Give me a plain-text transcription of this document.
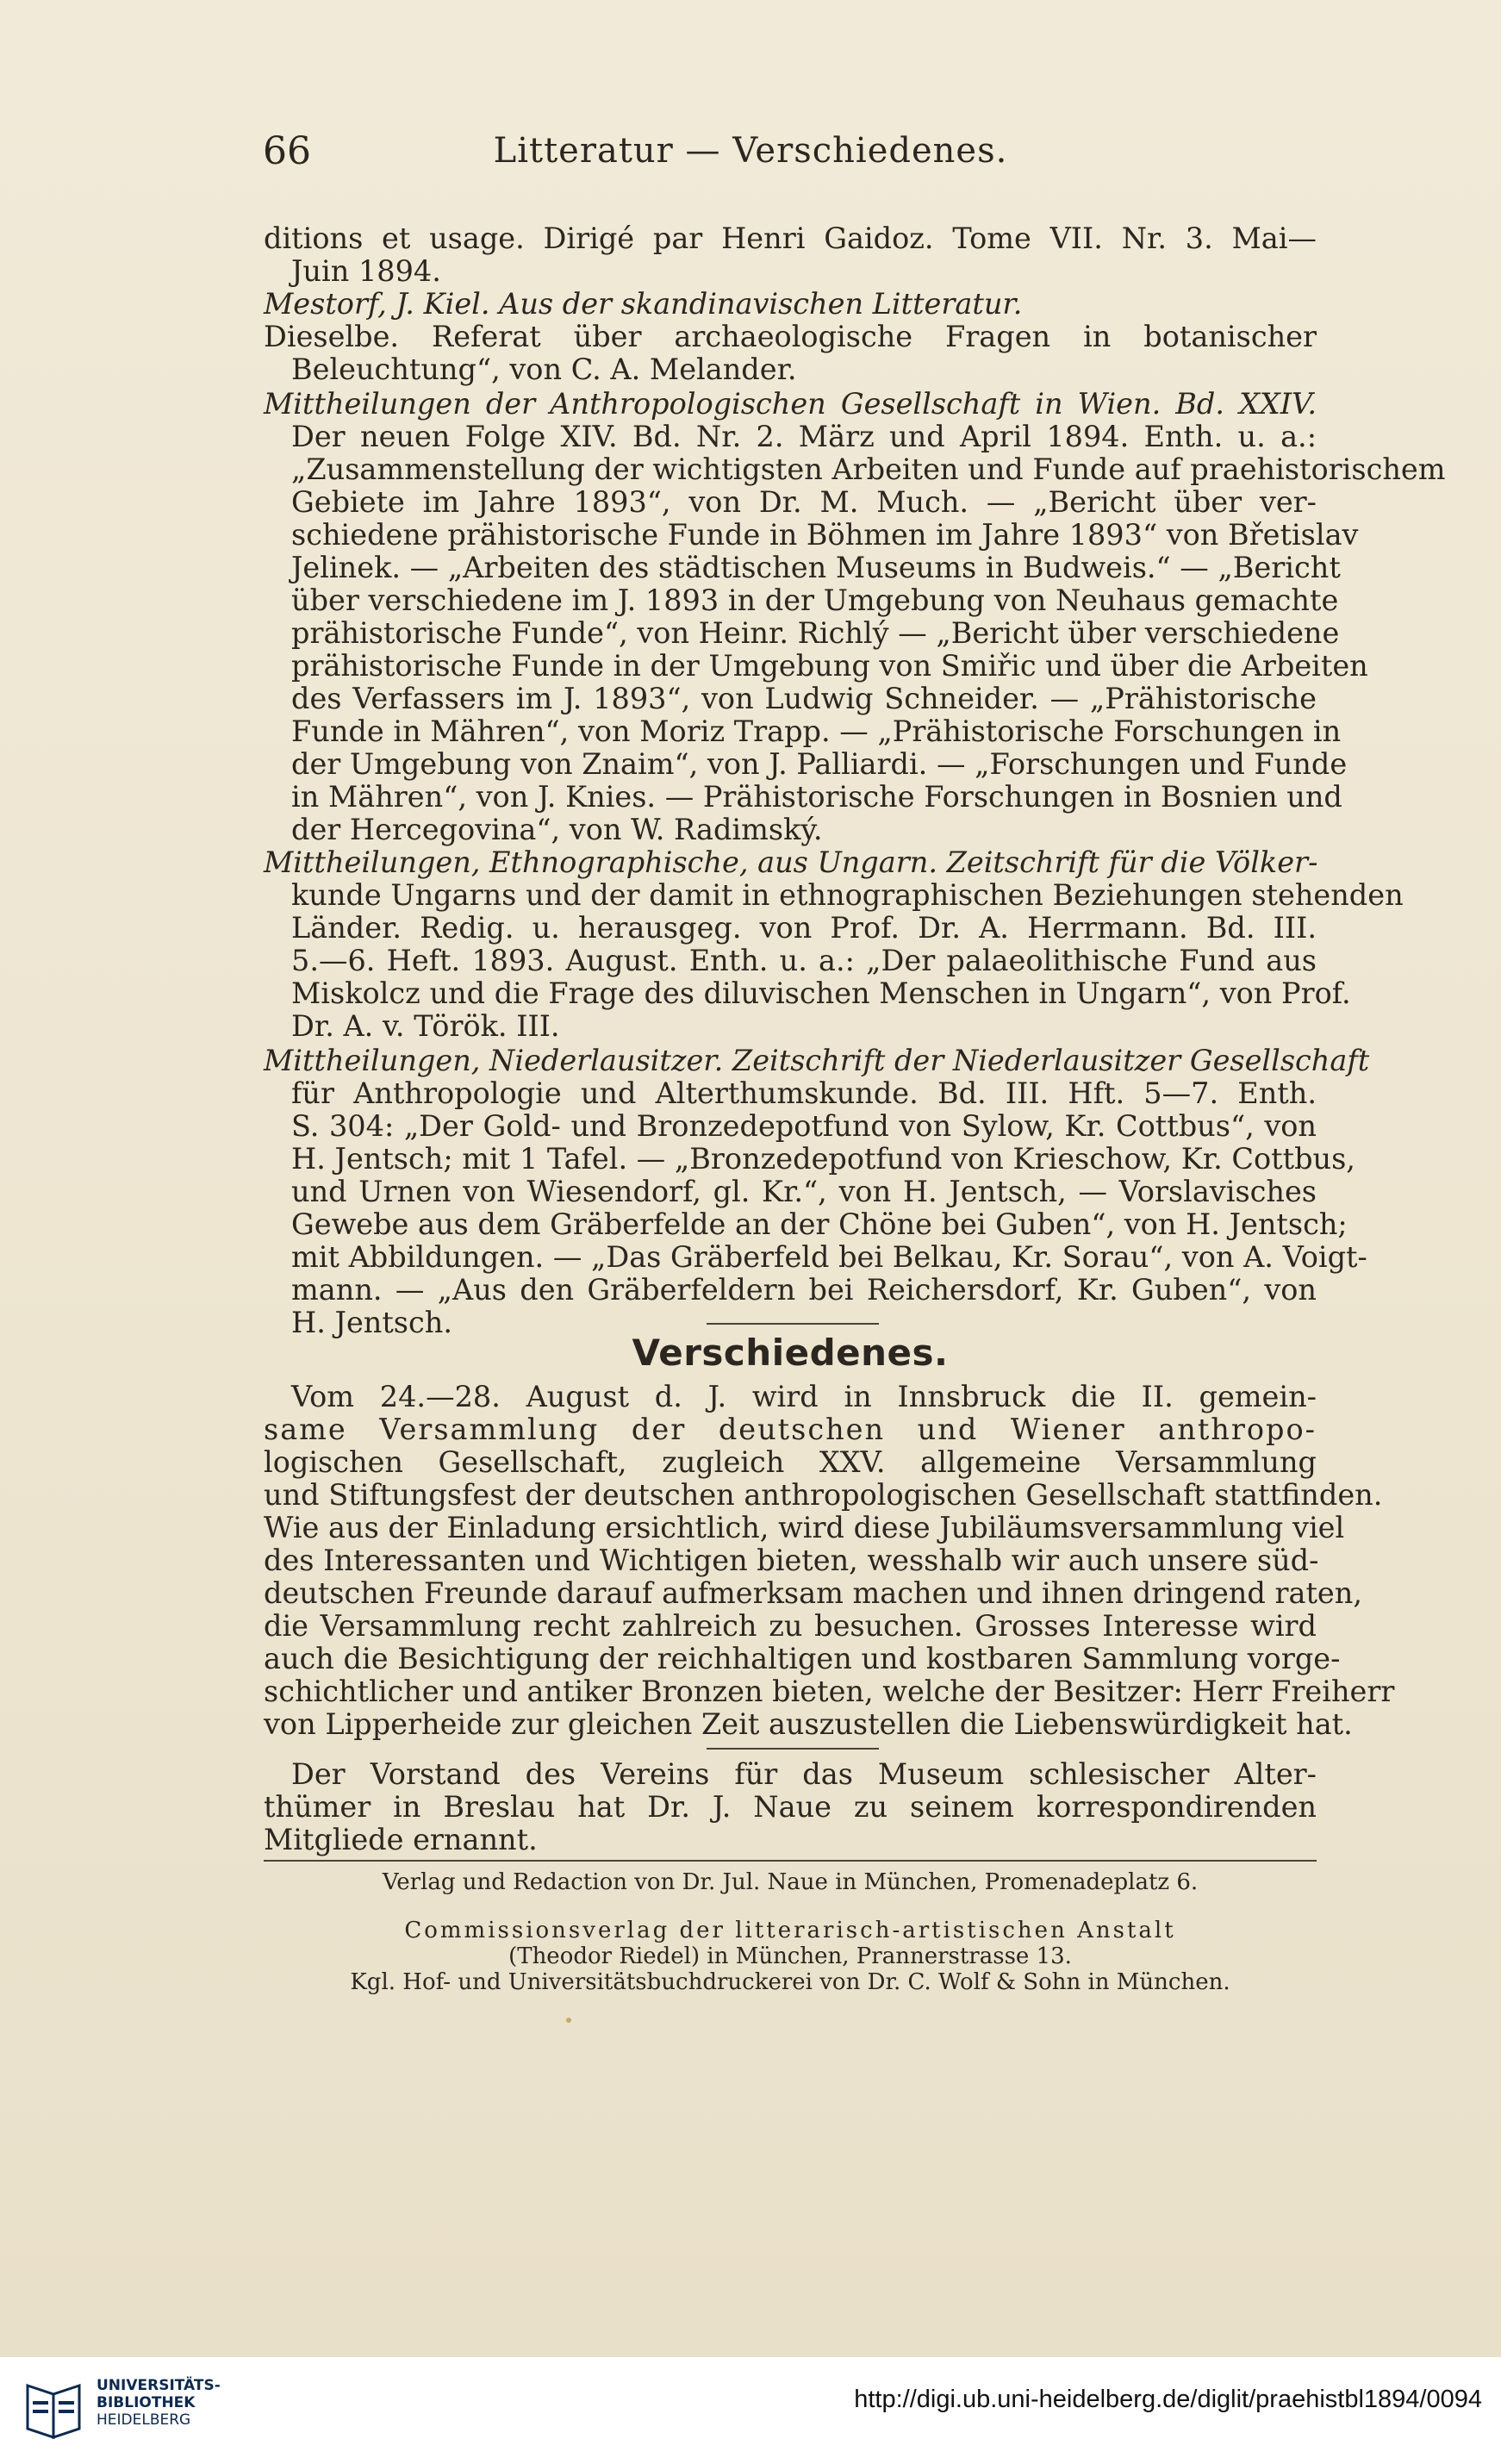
66	Litteratur — Verschiedenes.
ditions et usage. Dirigé par Henri Gaidoz. Tome VII. Nr. 3. Mai—
Juin 1894.
Mestorf, J. Kiel. Aus der skandinavischen Litteratur.
Dieselbe. Referat über archaeologische Fragen in botanischer
Beleuchtung“, von C. A. Melander.
Mittheilungen der Anthropologischen Gesellschaft in Wien. Bd. XXIV.
Der neuen Folge XIV. Bd. Nr. 2. März und April 1894. Enth. u. a.:
„Zusammenstellung der wichtigsten Arbeiten und Funde auf praehistorischem
Gebiete im Jahre 1893“, von Dr. M. Much. — „Bericht über ver-
schiedene prähistorische Funde in Böhmen im Jahre 1893“ von Břetislav
Jelinek. — „Arbeiten des städtischen Museums in Budweis.“ — „Bericht
über verschiedene im J. 1893 in der Umgebung von Neuhaus gemachte
prähistorische Funde“, von Heinr. Richlý — „Bericht über verschiedene
prähistorische Funde in der Umgebung von Smiřic und über die Arbeiten
des Verfassers im J. 1893“, von Ludwig Schneider. — „Prähistorische
Funde in Mähren“, von Moriz Trapp. — „Prähistorische Forschungen in
der Umgebung von Znaim“, von J. Palliardi. — „Forschungen und Funde
in Mähren“, von J. Knies. — Prähistorische Forschungen in Bosnien und
der Hercegovina“, von W. Radimský.
Mittheilungen, Ethnographische, aus Ungarn. Zeitschrift für die Völker-
kunde Ungarns und der damit in ethnographischen Beziehungen stehenden
Länder. Redig. u. herausgeg. von Prof. Dr. A. Herrmann. Bd. III.
5.—6. Heft. 1893. August. Enth. u. a.: „Der palaeolithische Fund aus
Miskolcz und die Frage des diluvischen Menschen in Ungarn“, von Prof.
Dr. A. v. Török. III.
Mittheilungen, Niederlausitzer. Zeitschrift der Niederlausitzer Gesellschaft
für Anthropologie und Alterthumskunde. Bd. III. Hft. 5—7. Enth.
S. 304: „Der Gold- und Bronzedepotfund von Sylow, Kr. Cottbus“, von
H. Jentsch; mit 1 Tafel. — „Bronzedepotfund von Krieschow, Kr. Cottbus,
und Urnen von Wiesendorf, gl. Kr.“, von H. Jentsch, — Vorslavisches
Gewebe aus dem Gräberfelde an der Chöne bei Guben“, von H. Jentsch;
mit Abbildungen. — „Das Gräberfeld bei Belkau, Kr. Sorau“, von A. Voigt-
mann. — „Aus den Gräberfeldern bei Reichersdorf, Kr. Guben“, von
H. Jentsch.
Verschiedenes.
Vom 24.—28. August d. J. wird in Innsbruck die II. gemein-
same Versammlung der deutschen und Wiener anthropo-
logischen Gesellschaft, zugleich XXV. allgemeine Versammlung
und Stiftungsfest der deutschen anthropologischen Gesellschaft stattfinden.
Wie aus der Einladung ersichtlich, wird diese Jubiläumsversammlung viel
des Interessanten und Wichtigen bieten, wesshalb wir auch unsere süd-
deutschen Freunde darauf aufmerksam machen und ihnen dringend raten,
die Versammlung recht zahlreich zu besuchen. Grosses Interesse wird
auch die Besichtigung der reichhaltigen und kostbaren Sammlung vorge-
schichtlicher und antiker Bronzen bieten, welche der Besitzer: Herr Freiherr
von Lipperheide zur gleichen Zeit auszustellen die Liebenswürdigkeit hat.
Der Vorstand des Vereins für das Museum schlesischer Alter-
thümer in Breslau hat Dr. J. Naue zu seinem korrespondirenden
Mitgliede ernannt.
Verlag und Redaction von Dr. Jul. Naue in München, Promenadeplatz 6.
Commissionsverlag der litterarisch-artistischen Anstalt
(Theodor Riedel) in München, Prannerstrasse 13.
Kgl. Hof- und Universitätsbuchdruckerei von Dr. C. Wolf & Sohn in München.
UNIVERSITÄTS-
BIBLIOTHEK
HEIDELBERG
http://digi.ub.uni-heidelberg.de/diglit/praehistbl1894/0094
